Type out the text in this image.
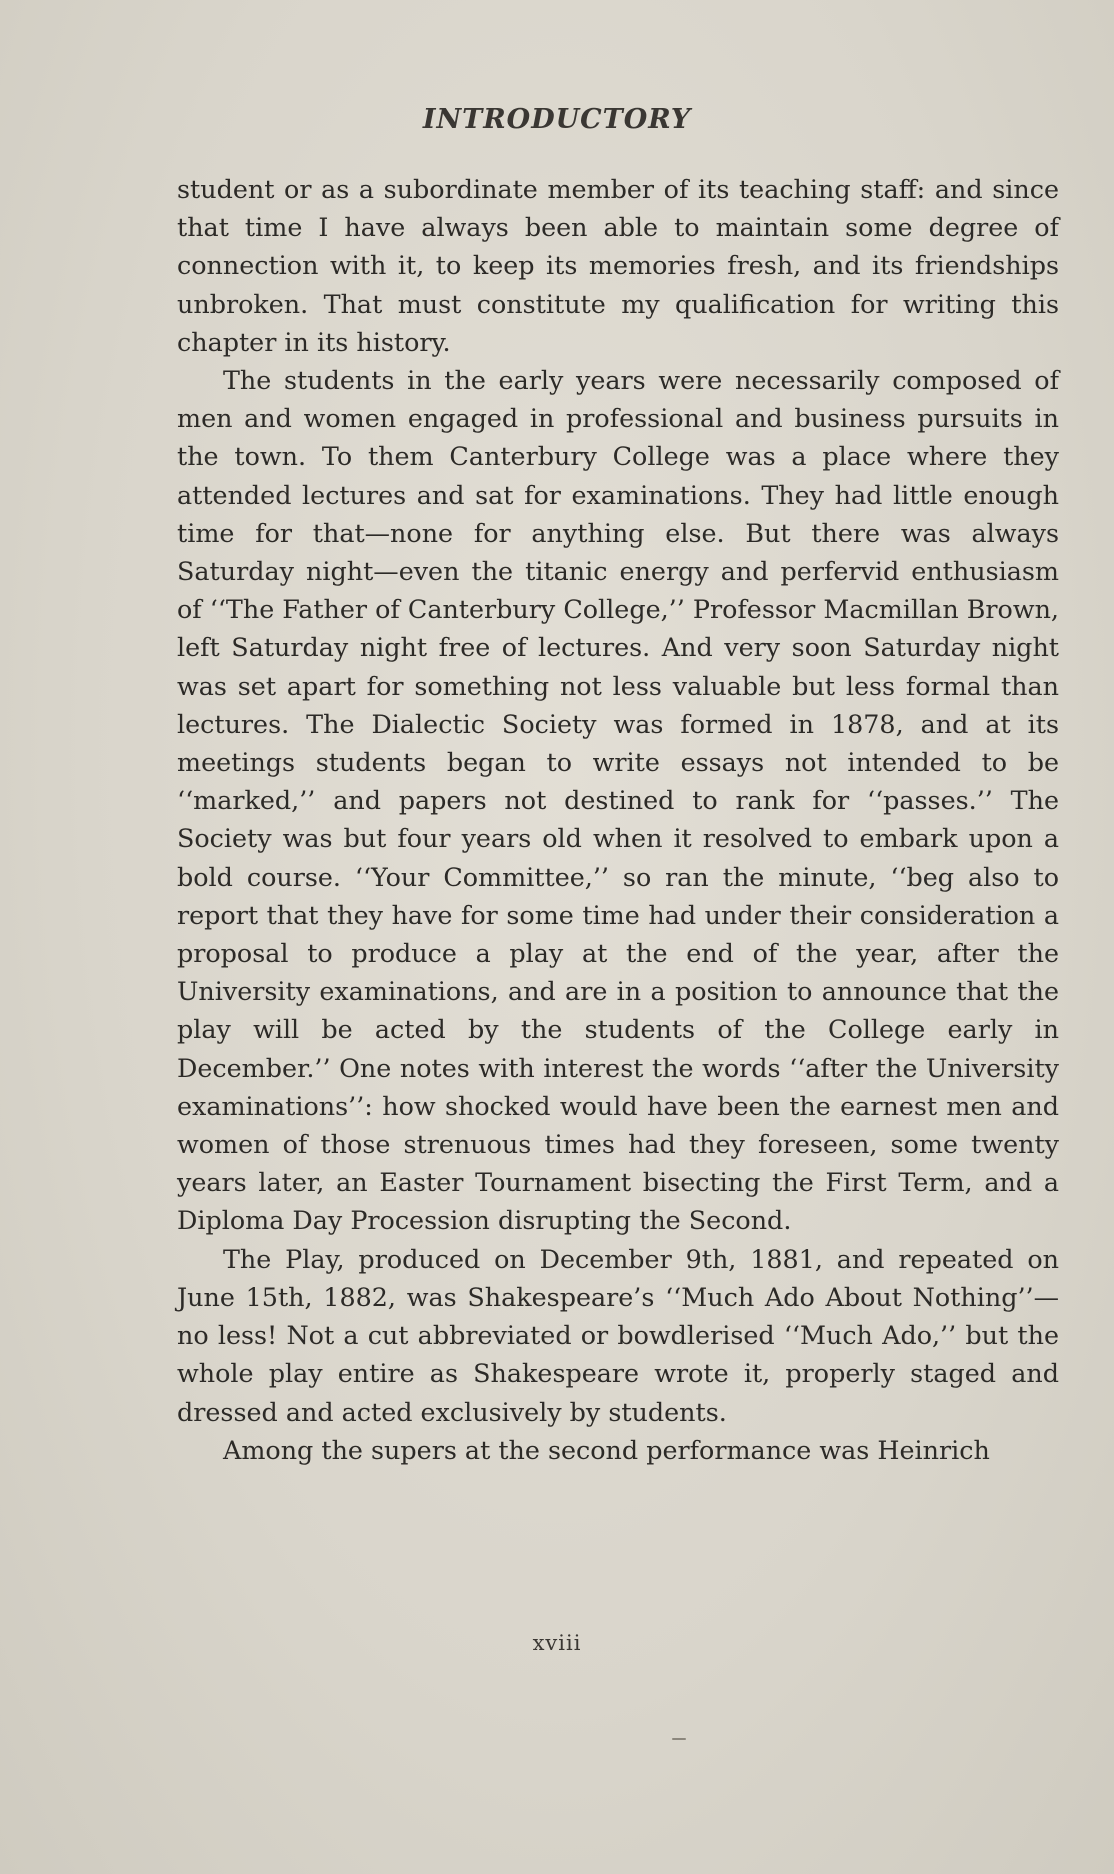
INTRODUCTORY

student or as a subordinate member of its teaching staff: and since that time I have always been able to maintain some degree of connection with it, to keep its memories fresh, and its friendships unbroken. That must constitute my qualification for writing this chapter in its history.

The students in the early years were necessarily composed of men and women engaged in professional and business pursuits in the town. To them Canterbury College was a place where they attended lectures and sat for examinations. They had little enough time for that—none for anything else. But there was always Saturday night—even the titanic energy and perfervid enthusiasm of ‘‘The Father of Canterbury College,’’ Professor Macmillan Brown, left Saturday night free of lectures. And very soon Saturday night was set apart for something not less valuable but less formal than lectures. The Dialectic Society was formed in 1878, and at its meetings students began to write essays not intended to be ‘‘marked,’’ and papers not destined to rank for ‘‘passes.’’ The Society was but four years old when it resolved to embark upon a bold course. ‘‘Your Committee,’’ so ran the minute, ‘‘beg also to report that they have for some time had under their consideration a proposal to produce a play at the end of the year, after the University examinations, and are in a position to announce that the play will be acted by the students of the College early in December.’’ One notes with interest the words ‘‘after the University examinations’’: how shocked would have been the earnest men and women of those strenuous times had they foreseen, some twenty years later, an Easter Tournament bisecting the First Term, and a Diploma Day Procession disrupting the Second.

The Play, produced on December 9th, 1881, and repeated on June 15th, 1882, was Shakespeare’s ‘‘Much Ado About Nothing’’—no less! Not a cut abbreviated or bowdlerised ‘‘Much Ado,’’ but the whole play entire as Shakespeare wrote it, properly staged and dressed and acted exclusively by students.

Among the supers at the second performance was Heinrich

xviii
